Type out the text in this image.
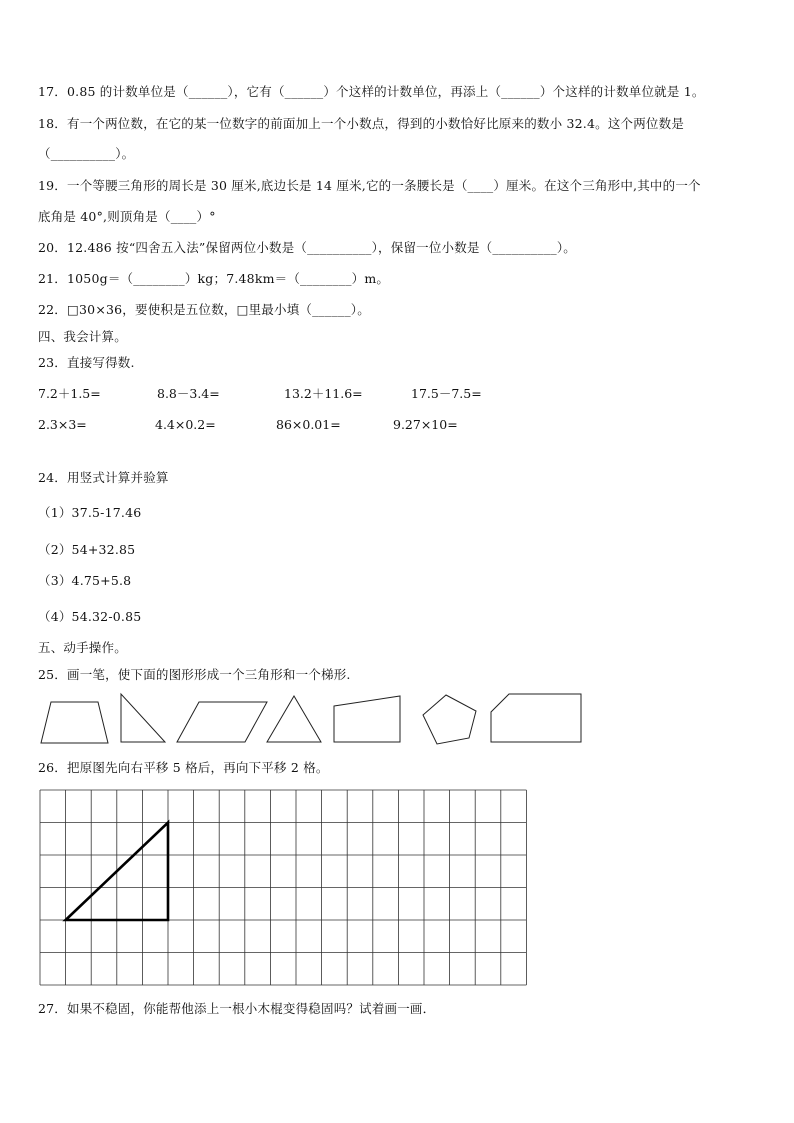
17．0.85 的计数单位是（______），它有（______）个这样的计数单位，再添上（______）个这样的计数单位就是 1。
18．有一个两位数，在它的某一位数字的前面加上一个小数点，得到的小数恰好比原来的数小 32.4。这个两位数是
（__________）。
19．一个等腰三角形的周长是 30 厘米,底边长是 14 厘米,它的一条腰长是（____）厘米。在这个三角形中,其中的一个
底角是 40°,则顶角是（____）°
20．12.486 按“四舍五入法”保留两位小数是（__________），保留一位小数是（__________）。
21．1050g＝（________）kg；7.48km＝（________）m。
22．□30×36，要使积是五位数，□里最小填（______）。
四、我会计算。
23．直接写得数.
7.2＋1.5=	8.8－3.4=	13.2＋11.6=	17.5－7.5=
2.3×3=	4.4×0.2=	86×0.01=	9.27×10=
24．用竖式计算并验算
（1）37.5-17.46
（2）54+32.85
（3）4.75+5.8
（4）54.32-0.85
五、动手操作。
25．画一笔，使下面的图形形成一个三角形和一个梯形.
26．把原图先向右平移 5 格后，再向下平移 2 格。
27．如果不稳固，你能帮他添上一根小木棍变得稳固吗？试着画一画．
